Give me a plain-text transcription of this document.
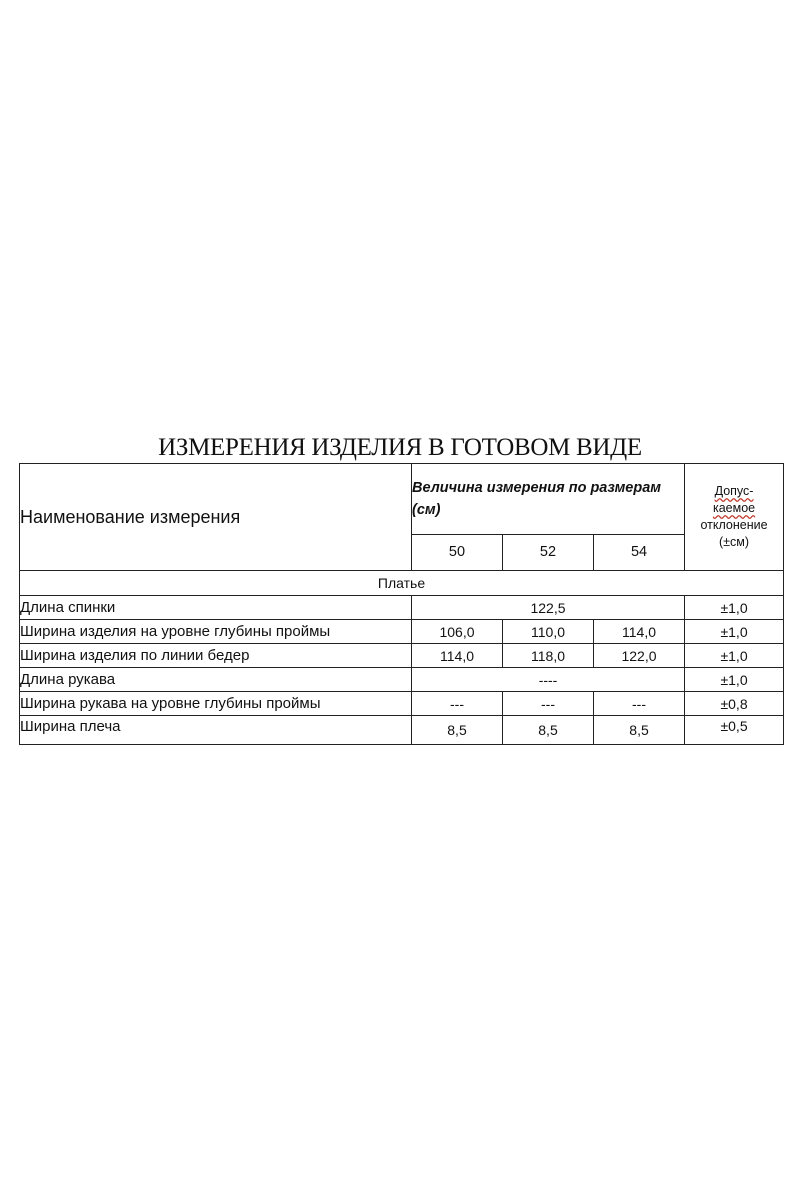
ИЗМЕРЕНИЯ ИЗДЕЛИЯ В ГОТОВОМ ВИДЕ
Наименование измерения	Величина измерения по размерам (см)			Допус-
каемое
отклонение
(±см)

	50	52	54	
Платье				
Длина спинки	122,5			±1,0
Ширина изделия на уровне глубины проймы	106,0	110,0	114,0	±1,0
Ширина изделия по линии бедер	114,0	118,0	122,0	±1,0
Длина рукава	----			±1,0
Ширина рукава на уровне глубины проймы	---	---	---	±0,8
Ширина плеча	8,5	8,5	8,5	±0,5
